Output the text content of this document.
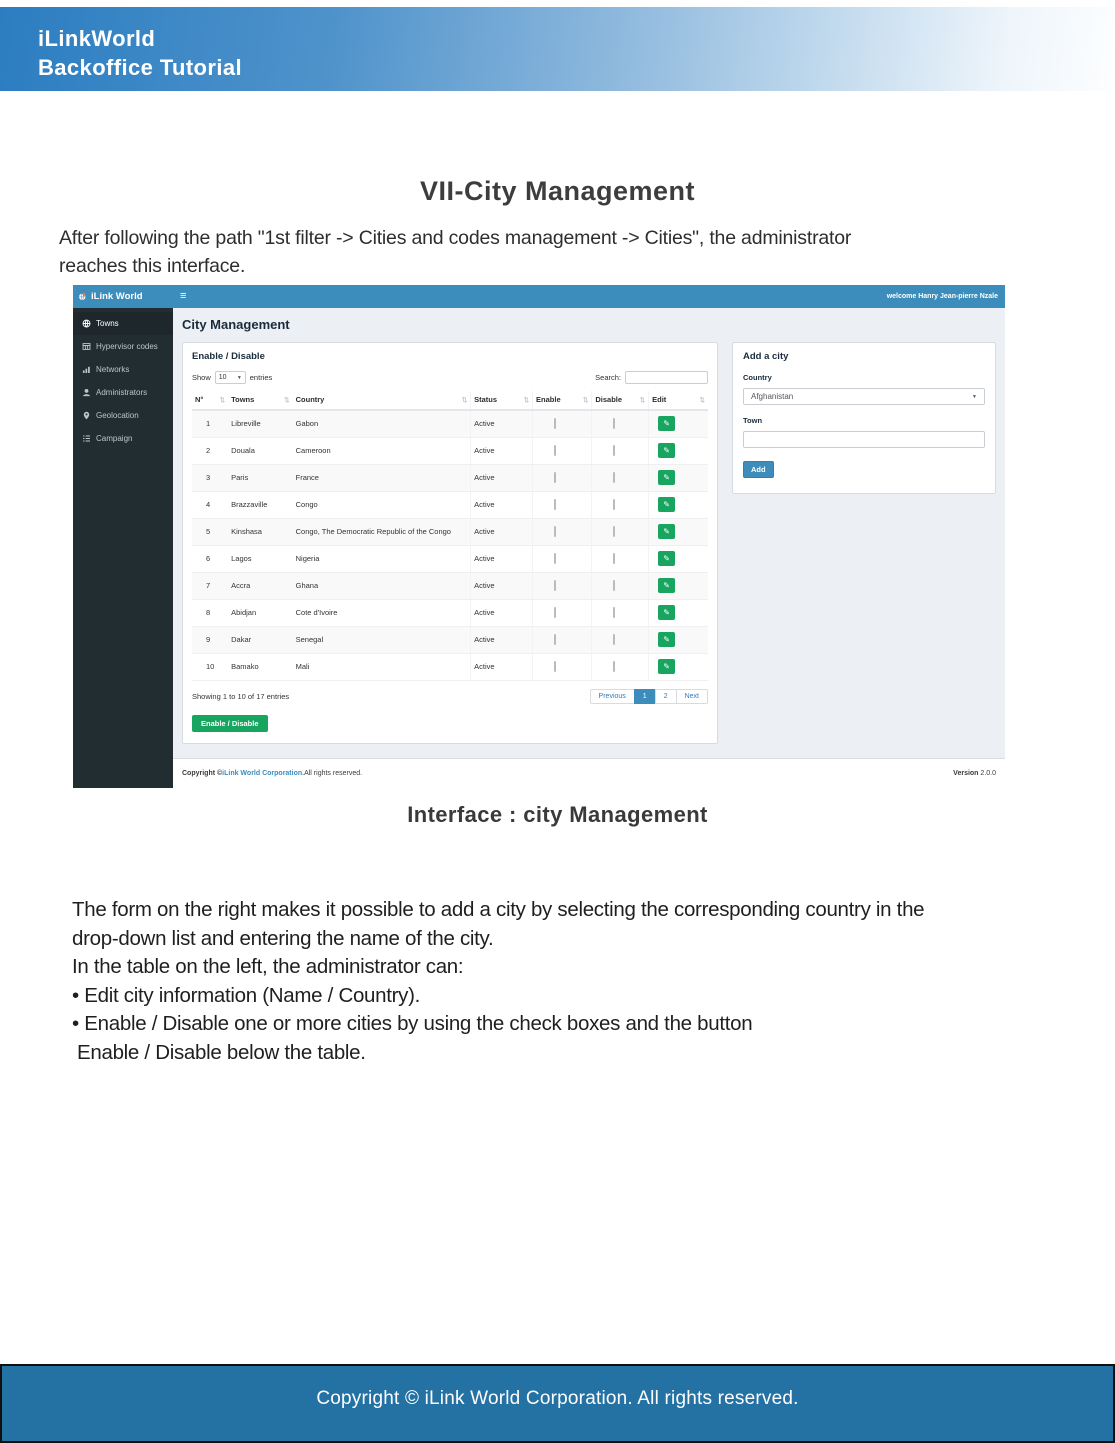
iLinkWorld
Backoffice Tutorial
VII-City Management
After following the path "1st filter -> Cities and codes management -> Cities", the administrator
reaches this interface.
iLink World	≡	welcome Hanry Jean-pierre Nzale
Towns
Hypervisor codes
Networks
Administrators
Geolocation
Campaign
City Management
Enable / Disable
Show 10 ▼ entries	Search:
N° ⇅	Towns ⇅	Country ⇅	Status ⇅	Enable ⇅	Disable ⇅	Edit ⇅

1	Libreville	Gabon	Active			✎

2	Douala	Cameroon	Active			✎

3	Paris	France	Active			✎

4	Brazzaville	Congo	Active			✎

5	Kinshasa	Congo, The Democratic Republic of the Congo	Active			✎

6	Lagos	Nigeria	Active			✎

7	Accra	Ghana	Active			✎

8	Abidjan	Cote d'Ivoire	Active			✎

9	Dakar	Senegal	Active			✎

10	Bamako	Mali	Active			✎
Showing 1 to 10 of 17 entries	Previous	1	2	Next
Enable / Disable
Add a city
Country
Afghanistan	▼
Town
Add
Copyright © iLink World Corporation. All rights reserved.	Version 2.0.0
Interface : city Management
The form on the right makes it possible to add a city by selecting the corresponding country in the
drop-down list and entering the name of the city.
In the table on the left, the administrator can:
• Edit city information (Name / Country).
• Enable / Disable one or more cities by using the check boxes and the button
Enable / Disable below the table.
Copyright © iLink World Corporation. All rights reserved.
